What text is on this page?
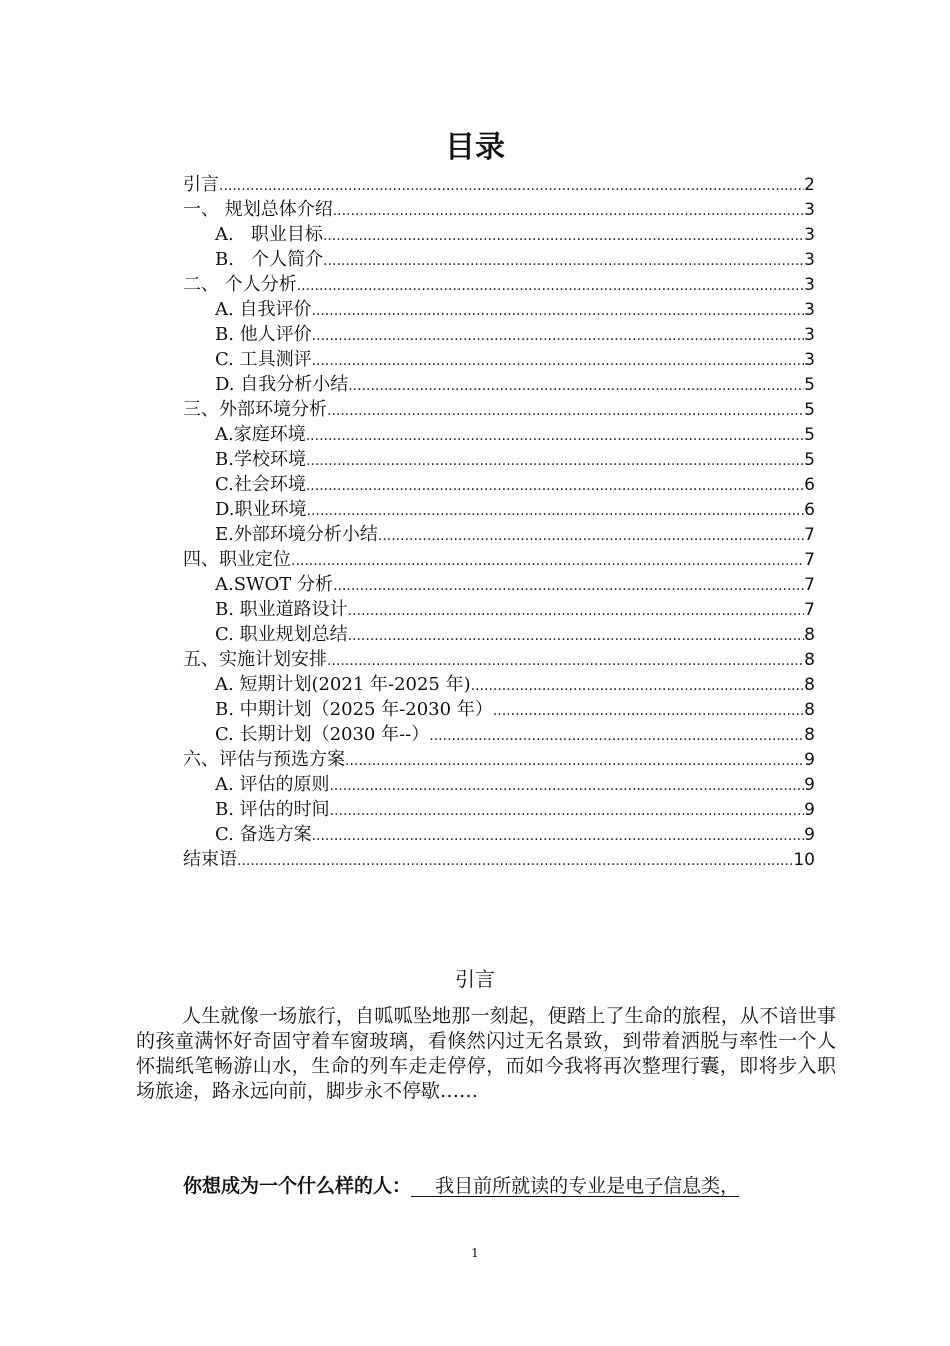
目录
引言 .....	2
一、 规划总体介绍 .....	3
A.   职业目标 .....	3
B.   个人简介 .....	3
二、 个人分析 .....	3
A. 自我评价 .....	3
B. 他人评价 .....	3
C. 工具测评 .....	3
D. 自我分析小结 .....	5
三、外部环境分析 .....	5
A.家庭环境 .....	5
B.学校环境 .....	5
C.社会环境 .....	6
D.职业环境 .....	6
E.外部环境分析小结 .....	7
四、职业定位 .....	7
A.SWOT 分析 .....	7
B. 职业道路设计 .....	7
C. 职业规划总结 .....	8
五、实施计划安排 .....	8
A. 短期计划(2021 年-2025 年) .....	8
B. 中期计划（2025 年-2030 年） .....	8
C. 长期计划（2030 年--） .....	8
六、评估与预选方案 .....	9
A. 评估的原则 .....	9
B. 评估的时间 .....	9
C. 备选方案 .....	9
结束语 .....	10
引言
人生就像一场旅行，自呱呱坠地那一刻起，便踏上了生命的旅程，从不谙世事的孩童满怀好奇固守着车窗玻璃，看倏然闪过无名景致，到带着洒脱与率性一个人怀揣纸笔畅游山水，生命的列车走走停停，而如今我将再次整理行囊，即将步入职场旅途，路永远向前，脚步永不停歇……
你想成为一个什么样的人：    我目前所就读的专业是电子信息类，
1
